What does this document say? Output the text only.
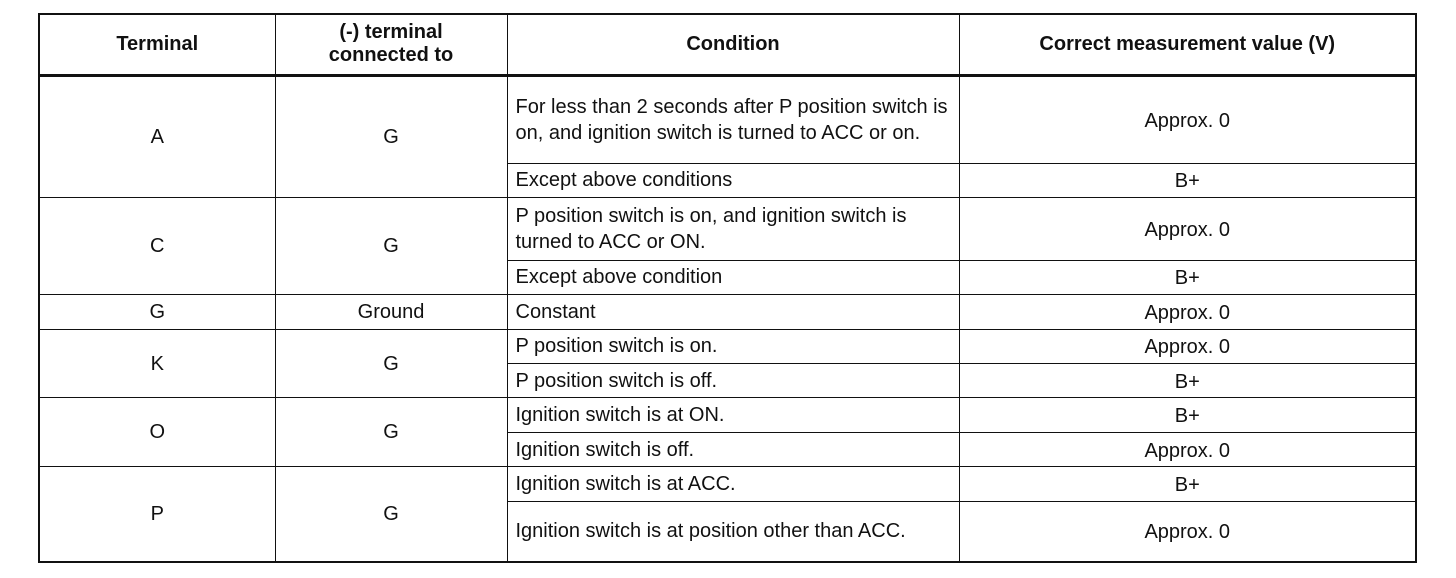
Terminal	(-) terminal connected to	Condition	Correct measurement value (V)
A	G	For less than 2 seconds after P position switch is on, and ignition switch is turned to ACC or on.	Approx. 0
		Except above conditions	B+
C	G	P position switch is on, and ignition switch is turned to ACC or ON.	Approx. 0
		Except above condition	B+
G	Ground	Constant	Approx. 0
K	G	P position switch is on.	Approx. 0
		P position switch is off.	B+
O	G	Ignition switch is at ON.	B+
		Ignition switch is off.	Approx. 0
P	G	Ignition switch is at ACC.	B+
		Ignition switch is at position other than ACC.	Approx. 0
